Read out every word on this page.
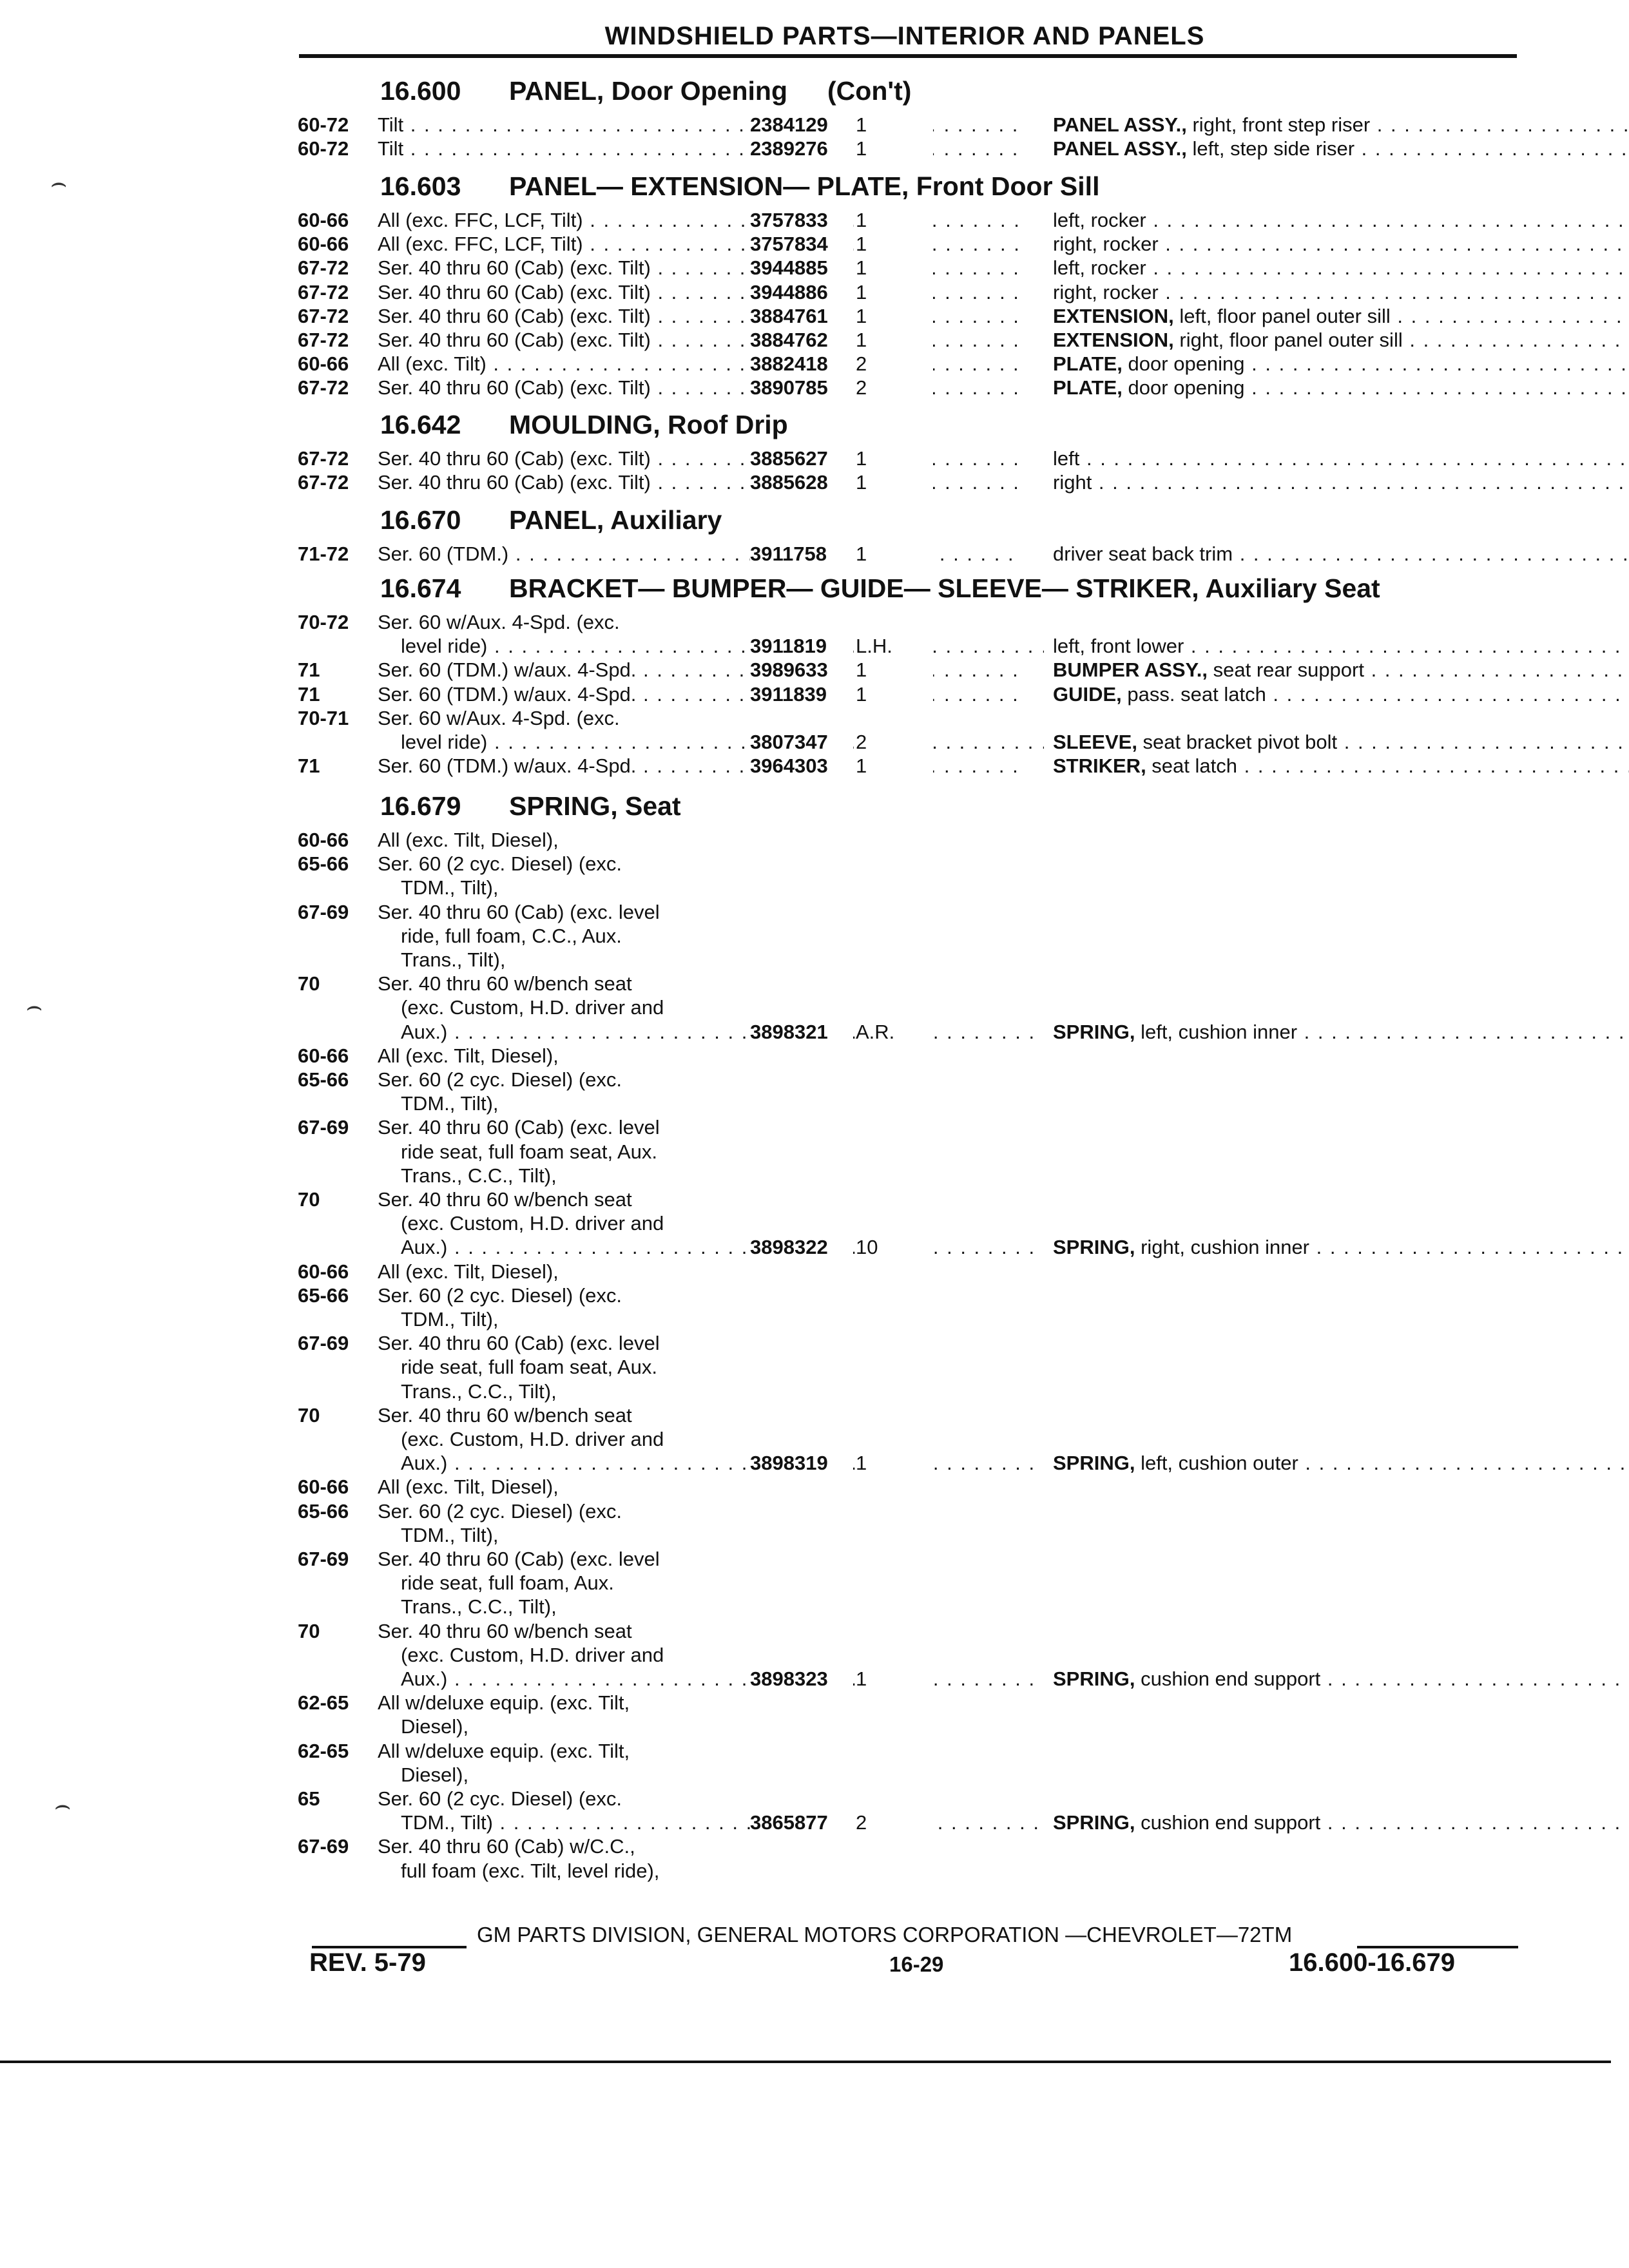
WINDSHIELD PARTS—INTERIOR AND PANELS
16.600 PANEL, Door Opening (Con't)
60-72	Tilt . . .	2384129	1	PANEL ASSY., right, front step riser . . .
60-72	Tilt . . .	2389276	1	PANEL ASSY., left, step side riser . . .
16.603 PANEL— EXTENSION— PLATE, Front Door Sill
60-66	All (exc. FFC, LCF, Tilt) . . .	3757833	1	left, rocker . . .
60-66	All (exc. FFC, LCF, Tilt) . . .	3757834	1	right, rocker . . .
67-72	Ser. 40 thru 60 (Cab) (exc. Tilt) . . .	3944885	1	left, rocker . . .
67-72	Ser. 40 thru 60 (Cab) (exc. Tilt) . . .	3944886	1	right, rocker . . .
67-72	Ser. 40 thru 60 (Cab) (exc. Tilt) . . .	3884761	1	EXTENSION, left, floor panel outer sill . . .
67-72	Ser. 40 thru 60 (Cab) (exc. Tilt) . . .	3884762	1	EXTENSION, right, floor panel outer sill . . .
60-66	All (exc. Tilt) . . .	3882418	2	PLATE, door opening . . .
67-72	Ser. 40 thru 60 (Cab) (exc. Tilt) . . .	3890785	2	PLATE, door opening . . .
16.642 MOULDING, Roof Drip
67-72	Ser. 40 thru 60 (Cab) (exc. Tilt) . . .	3885627	1	left . . .
67-72	Ser. 40 thru 60 (Cab) (exc. Tilt) . . .	3885628	1	right . . .
16.670 PANEL, Auxiliary
71-72	Ser. 60 (TDM.) . . .	3911758	1	driver seat back trim . . .
16.674 BRACKET— BUMPER— GUIDE— SLEEVE— STRIKER, Auxiliary Seat
70-72	Ser. 60 w/Aux. 4-Spd. (exc.
level ride) . . .	3911819	L.H.	left, front lower . . .
71	Ser. 60 (TDM.) w/aux. 4-Spd. . . .	3989633	1	BUMPER ASSY., seat rear support . . .
71	Ser. 60 (TDM.) w/aux. 4-Spd. . . .	3911839	1	GUIDE, pass. seat latch . . .
70-71	Ser. 60 w/Aux. 4-Spd. (exc.
level ride) . . .	3807347	2	SLEEVE, seat bracket pivot bolt . . .
71	Ser. 60 (TDM.) w/aux. 4-Spd. . . .	3964303	1	STRIKER, seat latch . . .
16.679 SPRING, Seat
60-66	All (exc. Tilt, Diesel),
65-66	Ser. 60 (2 cyc. Diesel) (exc.
TDM., Tilt),
67-69	Ser. 40 thru 60 (Cab) (exc. level
ride, full foam, C.C., Aux.
Trans., Tilt),
70	Ser. 40 thru 60 w/bench seat
(exc. Custom, H.D. driver and
Aux.) . . .	3898321	A.R.	SPRING, left, cushion inner . . .
60-66	All (exc. Tilt, Diesel),
65-66	Ser. 60 (2 cyc. Diesel) (exc.
TDM., Tilt),
67-69	Ser. 40 thru 60 (Cab) (exc. level
ride seat, full foam seat, Aux.
Trans., C.C., Tilt),
70	Ser. 40 thru 60 w/bench seat
(exc. Custom, H.D. driver and
Aux.) . . .	3898322	10	SPRING, right, cushion inner . . .
60-66	All (exc. Tilt, Diesel),
65-66	Ser. 60 (2 cyc. Diesel) (exc.
TDM., Tilt),
67-69	Ser. 40 thru 60 (Cab) (exc. level
ride seat, full foam seat, Aux.
Trans., C.C., Tilt),
70	Ser. 40 thru 60 w/bench seat
(exc. Custom, H.D. driver and
Aux.) . . .	3898319	1	SPRING, left, cushion outer . . .
60-66	All (exc. Tilt, Diesel),
65-66	Ser. 60 (2 cyc. Diesel) (exc.
TDM., Tilt),
67-69	Ser. 40 thru 60 (Cab) (exc. level
ride seat, full foam, Aux.
Trans., C.C., Tilt),
70	Ser. 40 thru 60 w/bench seat
(exc. Custom, H.D. driver and
Aux.) . . .	3898323	1	SPRING, cushion end support . . .
62-65	All w/deluxe equip. (exc. Tilt,
Diesel),
62-65	All w/deluxe equip. (exc. Tilt,
Diesel),
65	Ser. 60 (2 cyc. Diesel) (exc.
TDM., Tilt) . . .	3865877	2	SPRING, cushion end support . . .
67-69	Ser. 40 thru 60 (Cab) w/C.C.,
full foam (exc. Tilt, level ride),
GM PARTS DIVISION, GENERAL MOTORS CORPORATION —CHEVROLET—72TM
REV. 5-79	16-29	16.600-16.679
⌢
⌢
⌢
